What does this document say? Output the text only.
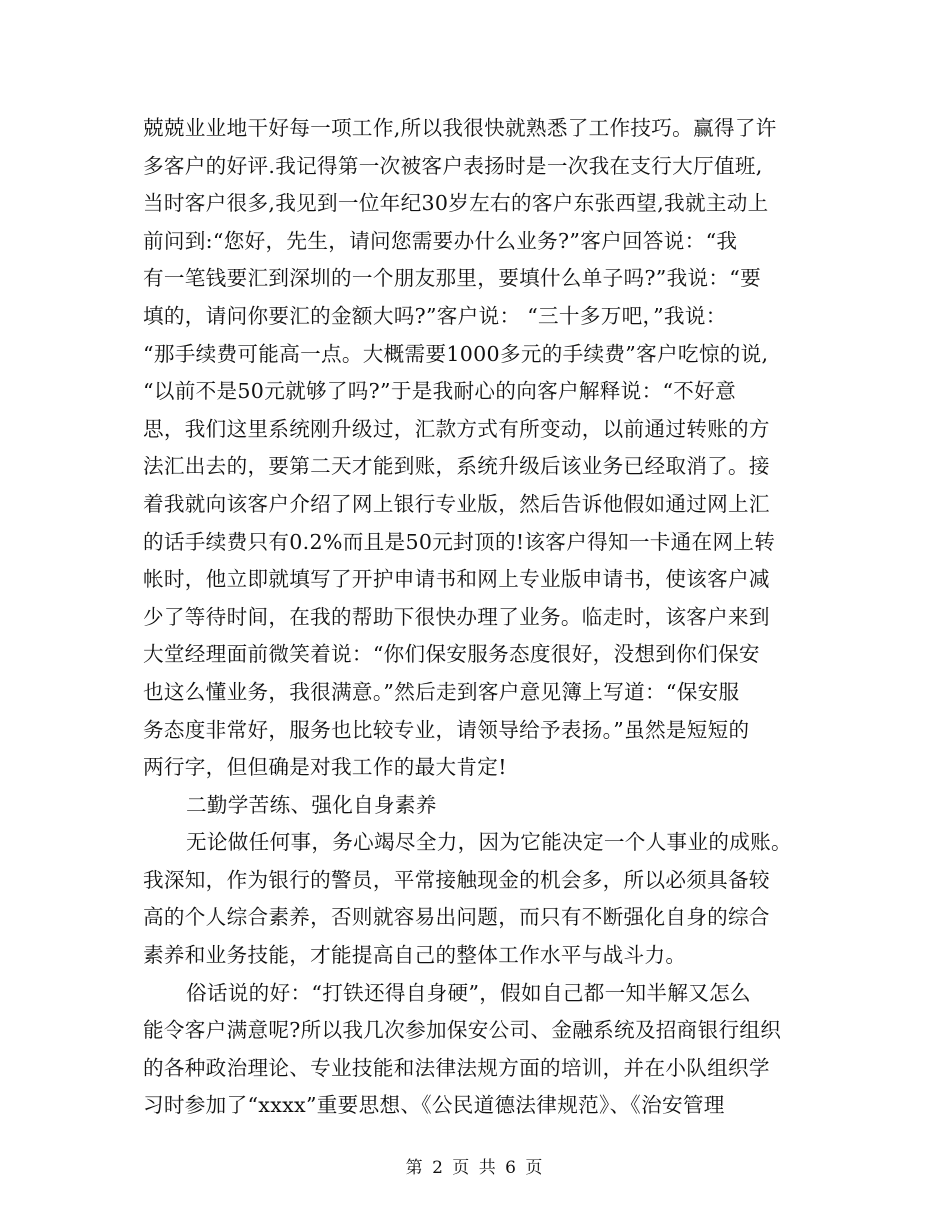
兢兢业业地干好每一项工作,所以我很快就熟悉了工作技巧。赢得了许
多客户的好评.我记得第一次被客户表扬时是一次我在支行大厅值班,
当时客户很多,我见到一位年纪30岁左右的客户东张西望,我就主动上
前问到:“您好，先生，请问您需要办什么业务?”客户回答说：“我
有一笔钱要汇到深圳的一个朋友那里，要填什么单子吗?”我说：“要
填的，请问你要汇的金额大吗?”客户说： “三十多万吧，”我说：
“那手续费可能高一点。大概需要1000多元的手续费”客户吃惊的说,
“以前不是50元就够了吗?”于是我耐心的向客户解释说：“不好意
思，我们这里系统刚升级过，汇款方式有所变动，以前通过转账的方
法汇出去的，要第二天才能到账，系统升级后该业务已经取消了。接
着我就向该客户介绍了网上银行专业版，然后告诉他假如通过网上汇
的话手续费只有0.2%而且是50元封顶的!该客户得知一卡通在网上转
帐时，他立即就填写了开护申请书和网上专业版申请书，使该客户减
少了等待时间，在我的帮助下很快办理了业务。临走时，该客户来到
大堂经理面前微笑着说：“你们保安服务态度很好，没想到你们保安
也这么懂业务，我很满意。”然后走到客户意见簿上写道：“保安服
务态度非常好，服务也比较专业，请领导给予表扬。”虽然是短短的
两行字，但但确是对我工作的最大肯定!
二勤学苦练、强化自身素养
无论做任何事，务心竭尽全力，因为它能决定一个人事业的成账。
我深知，作为银行的警员，平常接触现金的机会多，所以必须具备较
高的个人综合素养，否则就容易出问题，而只有不断强化自身的综合
素养和业务技能，才能提高自己的整体工作水平与战斗力。
俗话说的好：“打铁还得自身硬”，假如自己都一知半解又怎么
能令客户满意呢?所以我几次参加保安公司、金融系统及招商银行组织
的各种政治理论、专业技能和法律法规方面的培训，并在小队组织学
习时参加了“xxxx”重要思想、《公民道德法律规范》、《治安管理
第 2 页 共 6 页
